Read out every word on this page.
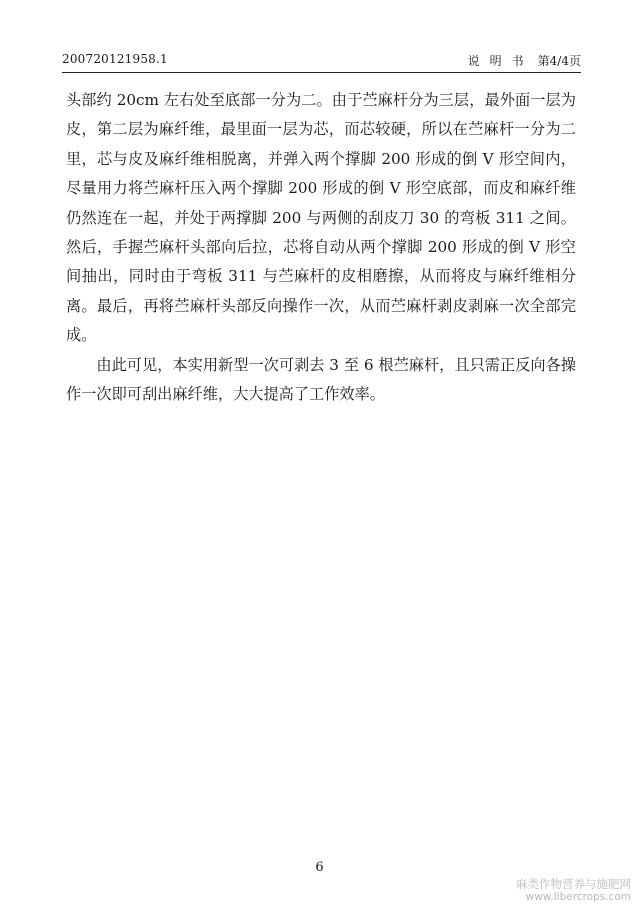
200720121958.1	说明书 第4/4页

头部约 20cm 左右处至底部一分为二。由于苎麻杆分为三层，最外面一层为皮，第二层为麻纤维，最里面一层为芯，而芯较硬，所以在苎麻杆一分为二里，芯与皮及麻纤维相脱离，并弹入两个撑脚 200 形成的倒 V 形空间内，尽量用力将苎麻杆压入两个撑脚 200 形成的倒 V 形空底部，而皮和麻纤维仍然连在一起，并处于两撑脚 200 与两侧的刮皮刀 30 的弯板 311 之间。然后，手握苎麻杆头部向后拉，芯将自动从两个撑脚 200 形成的倒 V 形空间抽出，同时由于弯板 311 与苎麻杆的皮相磨擦，从而将皮与麻纤维相分离。最后，再将苎麻杆头部反向操作一次，从而苎麻杆剥皮剥麻一次全部完成。

由此可见，本实用新型一次可剥去 3 至 6 根苎麻杆，且只需正反向各操作一次即可刮出麻纤维，大大提高了工作效率。

6
麻类作物营养与施肥网
www.libercrops.com
